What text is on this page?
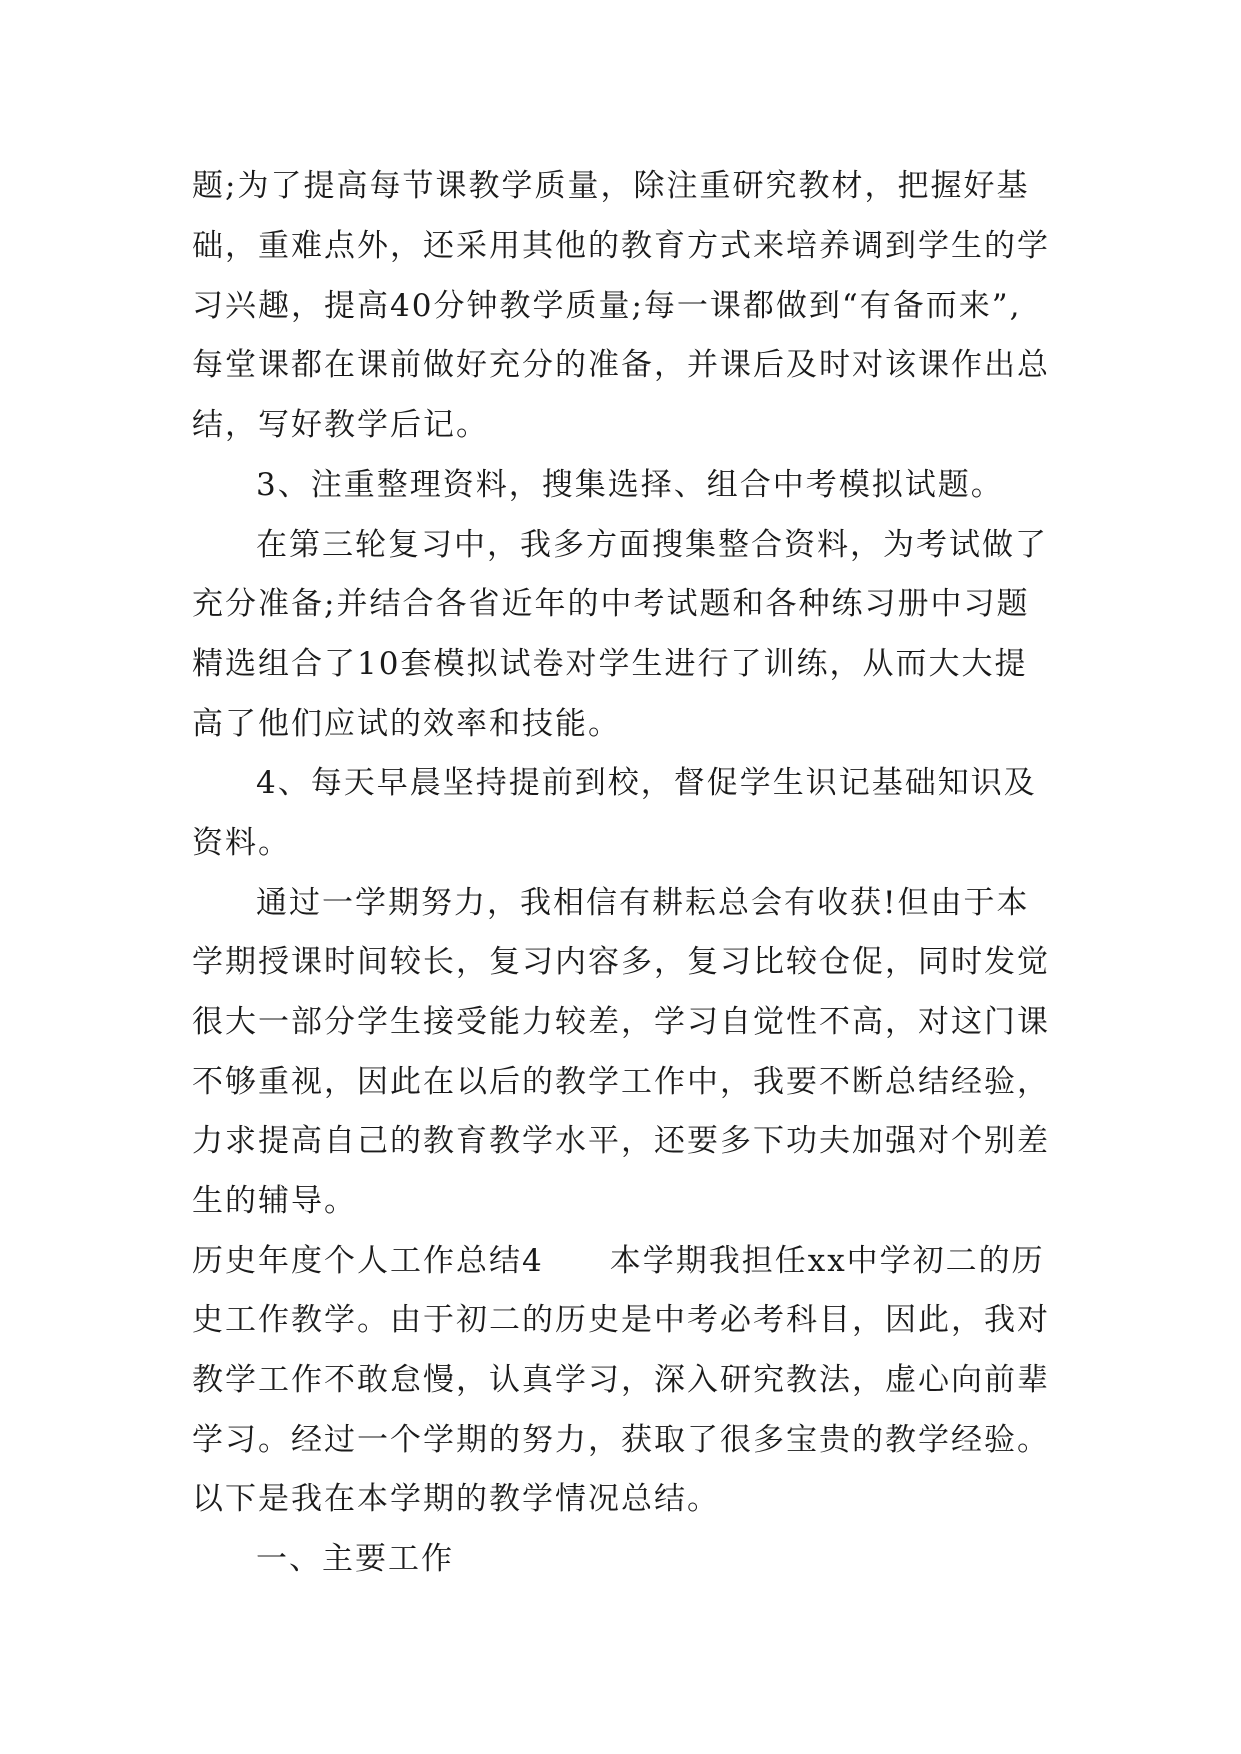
题;为了提高每节课教学质量，除注重研究教材，把握好基
础，重难点外，还采用其他的教育方式来培养调到学生的学
习兴趣，提高40分钟教学质量;每一课都做到“有备而来”,
每堂课都在课前做好充分的准备，并课后及时对该课作出总
结，写好教学后记。
3、注重整理资料，搜集选择、组合中考模拟试题。
在第三轮复习中，我多方面搜集整合资料，为考试做了
充分准备;并结合各省近年的中考试题和各种练习册中习题
精选组合了10套模拟试卷对学生进行了训练，从而大大提
高了他们应试的效率和技能。
4、每天早晨坚持提前到校，督促学生识记基础知识及
资料。
通过一学期努力，我相信有耕耘总会有收获!但由于本
学期授课时间较长，复习内容多，复习比较仓促，同时发觉
很大一部分学生接受能力较差，学习自觉性不高，对这门课
不够重视，因此在以后的教学工作中，我要不断总结经验，
力求提高自己的教育教学水平，还要多下功夫加强对个别差
生的辅导。
历史年度个人工作总结4　　本学期我担任xx中学初二的历
史工作教学。由于初二的历史是中考必考科目，因此，我对
教学工作不敢怠慢，认真学习，深入研究教法，虚心向前辈
学习。经过一个学期的努力，获取了很多宝贵的教学经验。
以下是我在本学期的教学情况总结。
一、主要工作
